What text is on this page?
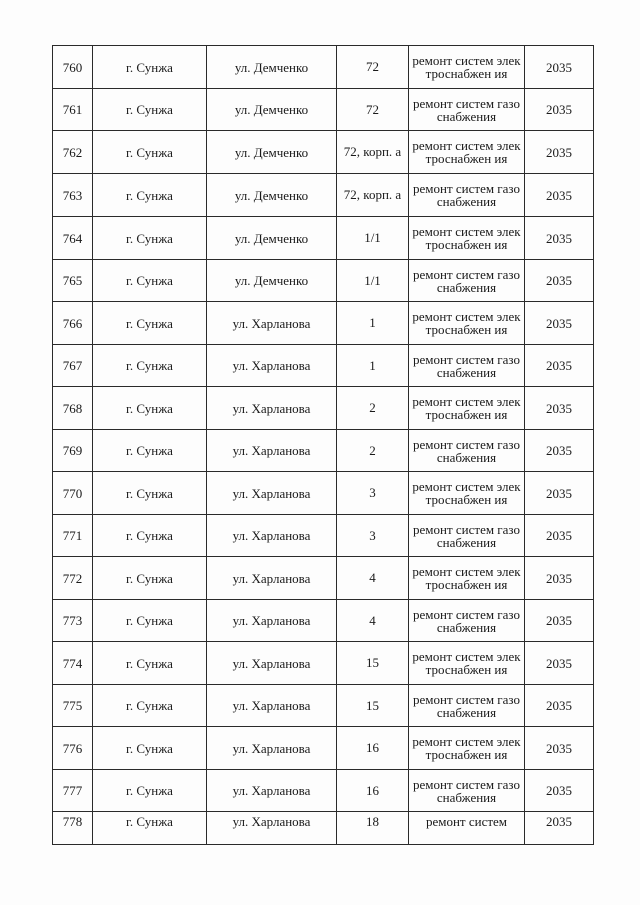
760	г. Сунжа	ул. Демченко	72	ремонт систем электроснабжен ия	2035
761	г. Сунжа	ул. Демченко	72	ремонт систем газоснабжения	2035
762	г. Сунжа	ул. Демченко	72, корп. а	ремонт систем электроснабжен ия	2035
763	г. Сунжа	ул. Демченко	72, корп. а	ремонт систем газоснабжения	2035
764	г. Сунжа	ул. Демченко	1/1	ремонт систем электроснабжен ия	2035
765	г. Сунжа	ул. Демченко	1/1	ремонт систем газоснабжения	2035
766	г. Сунжа	ул. Харланова	1	ремонт систем электроснабжен ия	2035
767	г. Сунжа	ул. Харланова	1	ремонт систем газоснабжения	2035
768	г. Сунжа	ул. Харланова	2	ремонт систем электроснабжен ия	2035
769	г. Сунжа	ул. Харланова	2	ремонт систем газоснабжения	2035
770	г. Сунжа	ул. Харланова	3	ремонт систем электроснабжен ия	2035
771	г. Сунжа	ул. Харланова	3	ремонт систем газоснабжения	2035
772	г. Сунжа	ул. Харланова	4	ремонт систем электроснабжен ия	2035
773	г. Сунжа	ул. Харланова	4	ремонт систем газоснабжения	2035
774	г. Сунжа	ул. Харланова	15	ремонт систем электроснабжен ия	2035
775	г. Сунжа	ул. Харланова	15	ремонт систем газоснабжения	2035
776	г. Сунжа	ул. Харланова	16	ремонт систем электроснабжен ия	2035
777	г. Сунжа	ул. Харланова	16	ремонт систем газоснабжения	2035
778	г. Сунжа	ул. Харланова	18	ремонт систем	2035
